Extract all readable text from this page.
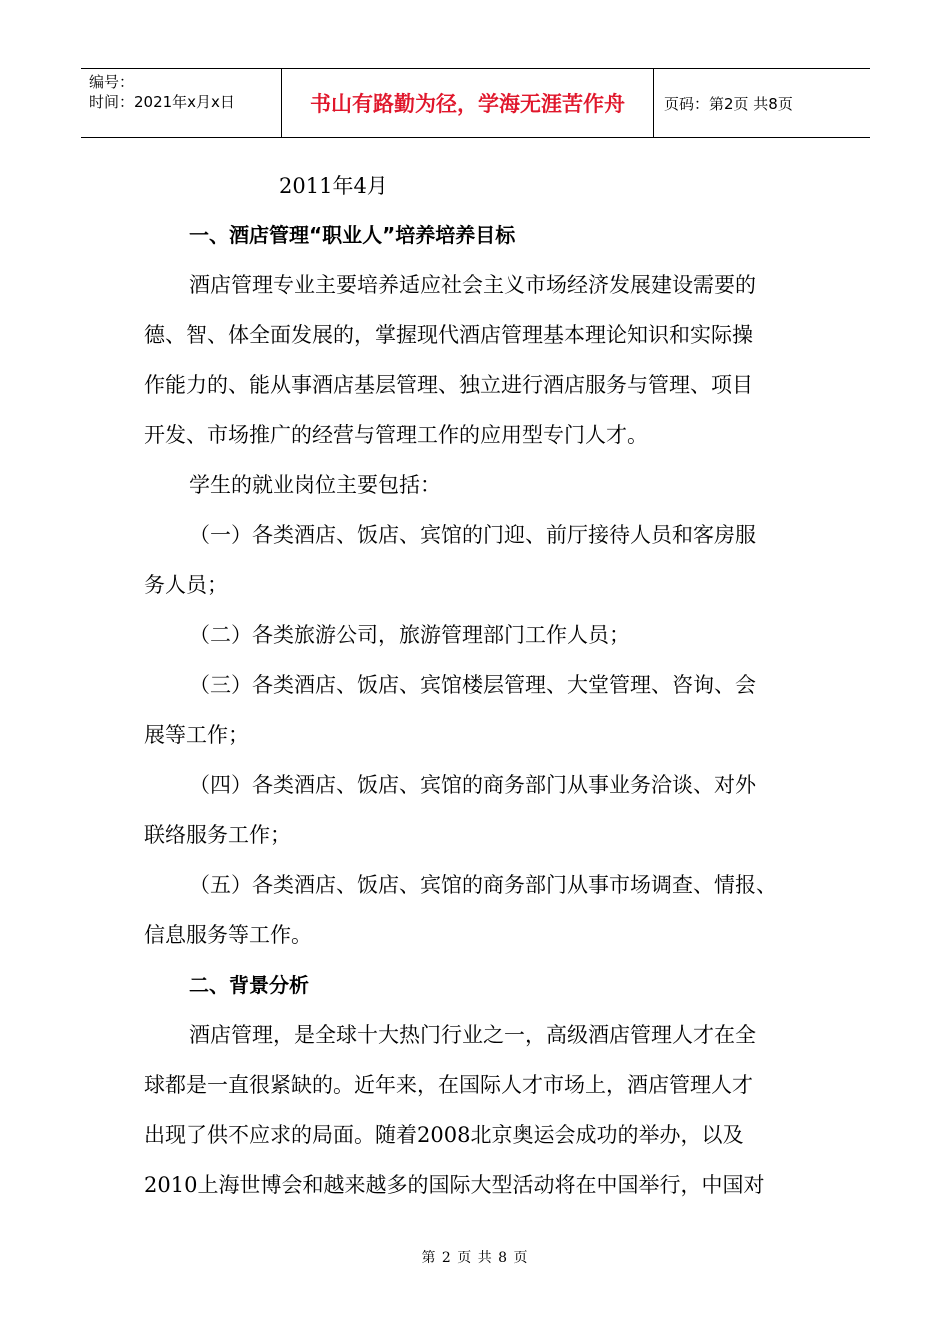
编号：
时间：2021年x月x日	书山有路勤为径，学海无涯苦作舟	页码：第2页 共8页
2011年4月
一、酒店管理“职业人”培养培养目标
酒店管理专业主要培养适应社会主义市场经济发展建设需要的
德、智、体全面发展的，掌握现代酒店管理基本理论知识和实际操
作能力的、能从事酒店基层管理、独立进行酒店服务与管理、项目
开发、市场推广的经营与管理工作的应用型专门人才。
学生的就业岗位主要包括：
（一）各类酒店、饭店、宾馆的门迎、前厅接待人员和客房服
务人员；
（二）各类旅游公司，旅游管理部门工作人员；
（三）各类酒店、饭店、宾馆楼层管理、大堂管理、咨询、会
展等工作；
（四）各类酒店、饭店、宾馆的商务部门从事业务洽谈、对外
联络服务工作；
（五）各类酒店、饭店、宾馆的商务部门从事市场调查、情报、
信息服务等工作。
二、背景分析
酒店管理，是全球十大热门行业之一，高级酒店管理人才在全
球都是一直很紧缺的。近年来，在国际人才市场上，酒店管理人才
出现了供不应求的局面。随着2008北京奥运会成功的举办，以及
2010上海世博会和越来越多的国际大型活动将在中国举行，中国对
第 2 页 共 8 页
